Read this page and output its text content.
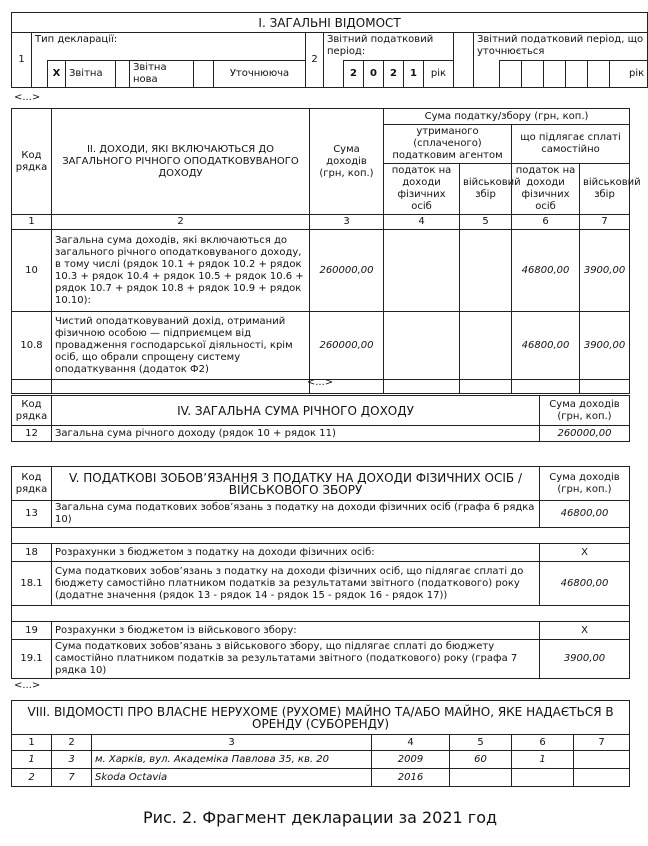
І. ЗАГАЛЬНІ ВІДОМОСТ																						
1	Тип декларації:							2	Звітний податковий період:							Звітний податковий період, що уточнюється						
		Х	Звітна		Звітна нова		Уточнююча			2	0	2	1	рік								рік
<...>
Код рядка	ІІ. ДОХОДИ, ЯКІ ВКЛЮЧАЮТЬСЯ ДО ЗАГАЛЬНОГО РІЧНОГО ОПОДАТКОВУВАНОГО ДОХОДУ	Сума доходів (грн, коп.)	Сума податку/збору (грн, коп.)			
			утриманого (сплаченого) податковим агентом		що підлягає сплаті самостійно	
			податок на доходи фізичних осіб	військовий збір	податок на доходи фізичних осіб	військовий збір
1	2	3	4	5	6	7
10	Загальна сума доходів, які включаються до загального річного оподатковуваного доходу, в тому числі (рядок 10.1 + рядок 10.2 + рядок 10.3 + рядок 10.4 + рядок 10.5 + рядок 10.6 + рядок 10.7 + рядок 10.8 + рядок 10.9 + рядок 10.10):	260000,00			46800,00	3900,00
10.8	Чистий оподатковуваний дохід, отриманий фізичною особою — підприємцем від провадження господарської діяльності, крім осіб, що обрали спрощену систему оподаткування (додаток Ф2)	260000,00			46800,00	3900,00

<...>
Код рядка	IV. ЗАГАЛЬНА СУМА РІЧНОГО ДОХОДУ	Сума доходів (грн, коп.)
12	Загальна сума річного доходу (рядок 10 + рядок 11)	260000,00
Код рядка	V. ПОДАТКОВІ ЗОБОВ’ЯЗАННЯ З ПОДАТКУ НА ДОХОДИ ФІЗИЧНИХ ОСІБ / ВІЙСЬКОВОГО ЗБОРУ	Сума доходів (грн, коп.)
13	Загальна сума податкових зобов’язань з податку на доходи фізичних осіб (графа 6 рядка 10)	46800,00

18	Розрахунки з бюджетом з податку на доходи фізичних осіб:	Х
18.1	Сума податкових зобов’язань з податку на доходи фізичних осіб, що підлягає сплаті до бюджету самостійно платником податків за результатами звітного (податкового) року (додатне значення (рядок 13 - рядок 14 - рядок 15 - рядок 16 - рядок 17))	46800,00

19	Розрахунки з бюджетом із військового збору:	Х
19.1	Сума податкових зобов’язань з військового збору, що підлягає сплаті до бюджету самостійно платником податків за результатами звітного (податкового) року (графа 7 рядка 10)	3900,00
<...>
VIII. ВІДОМОСТІ ПРО ВЛАСНЕ НЕРУХОМЕ (РУХОМЕ) МАЙНО ТА/АБО МАЙНО, ЯКЕ НАДАЄТЬСЯ В ОРЕНДУ (СУБОРЕНДУ)						
1	2	3	4	5	6	7
1	3	м. Харків, вул. Академіка Павлова 35, кв. 20	2009	60	1	
2	7	Skoda Octavia	2016			
Рис. 2. Фрагмент декларации за 2021 год
